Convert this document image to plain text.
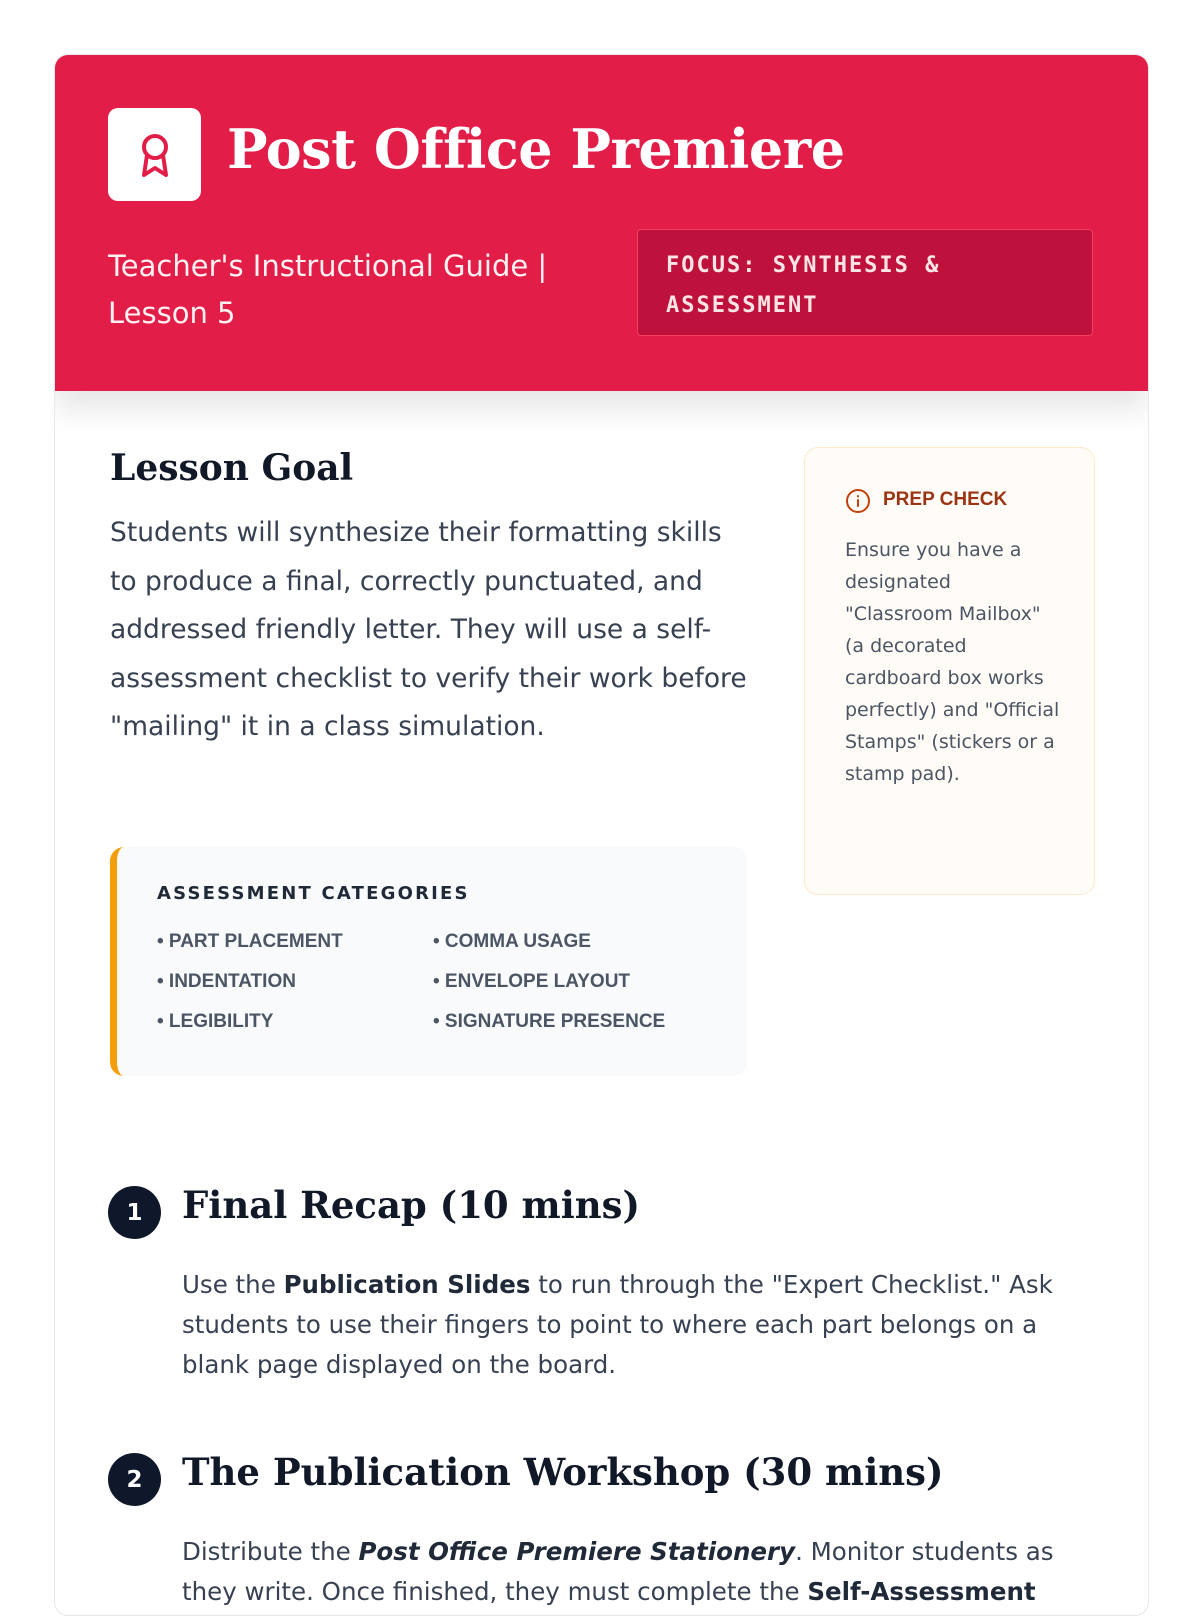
Post Office Premiere

Teacher's Instructional Guide | Lesson 5

FOCUS: SYNTHESIS & ASSESSMENT
Lesson Goal

Students will synthesize their formatting skills to produce a final, correctly punctuated, and addressed friendly letter. They will use a self-assessment checklist to verify their work before "mailing" it in a class simulation.

ASSESSMENT CATEGORIES

• PART PLACEMENT	• COMMA USAGE

• INDENTATION	• ENVELOPE LAYOUT

• LEGIBILITY	• SIGNATURE PRESENCE

PREP CHECK

Ensure you have a designated "Classroom Mailbox" (a decorated cardboard box works perfectly) and "Official Stamps" (stickers or a stamp pad).

1	Final Recap (10 mins)

Use the Publication Slides to run through the "Expert Checklist." Ask students to use their fingers to point to where each part belongs on a blank page displayed on the board.

2	The Publication Workshop (30 mins)

Distribute the Post Office Premiere Stationery. Monitor students as they write. Once finished, they must complete the Self-Assessment
